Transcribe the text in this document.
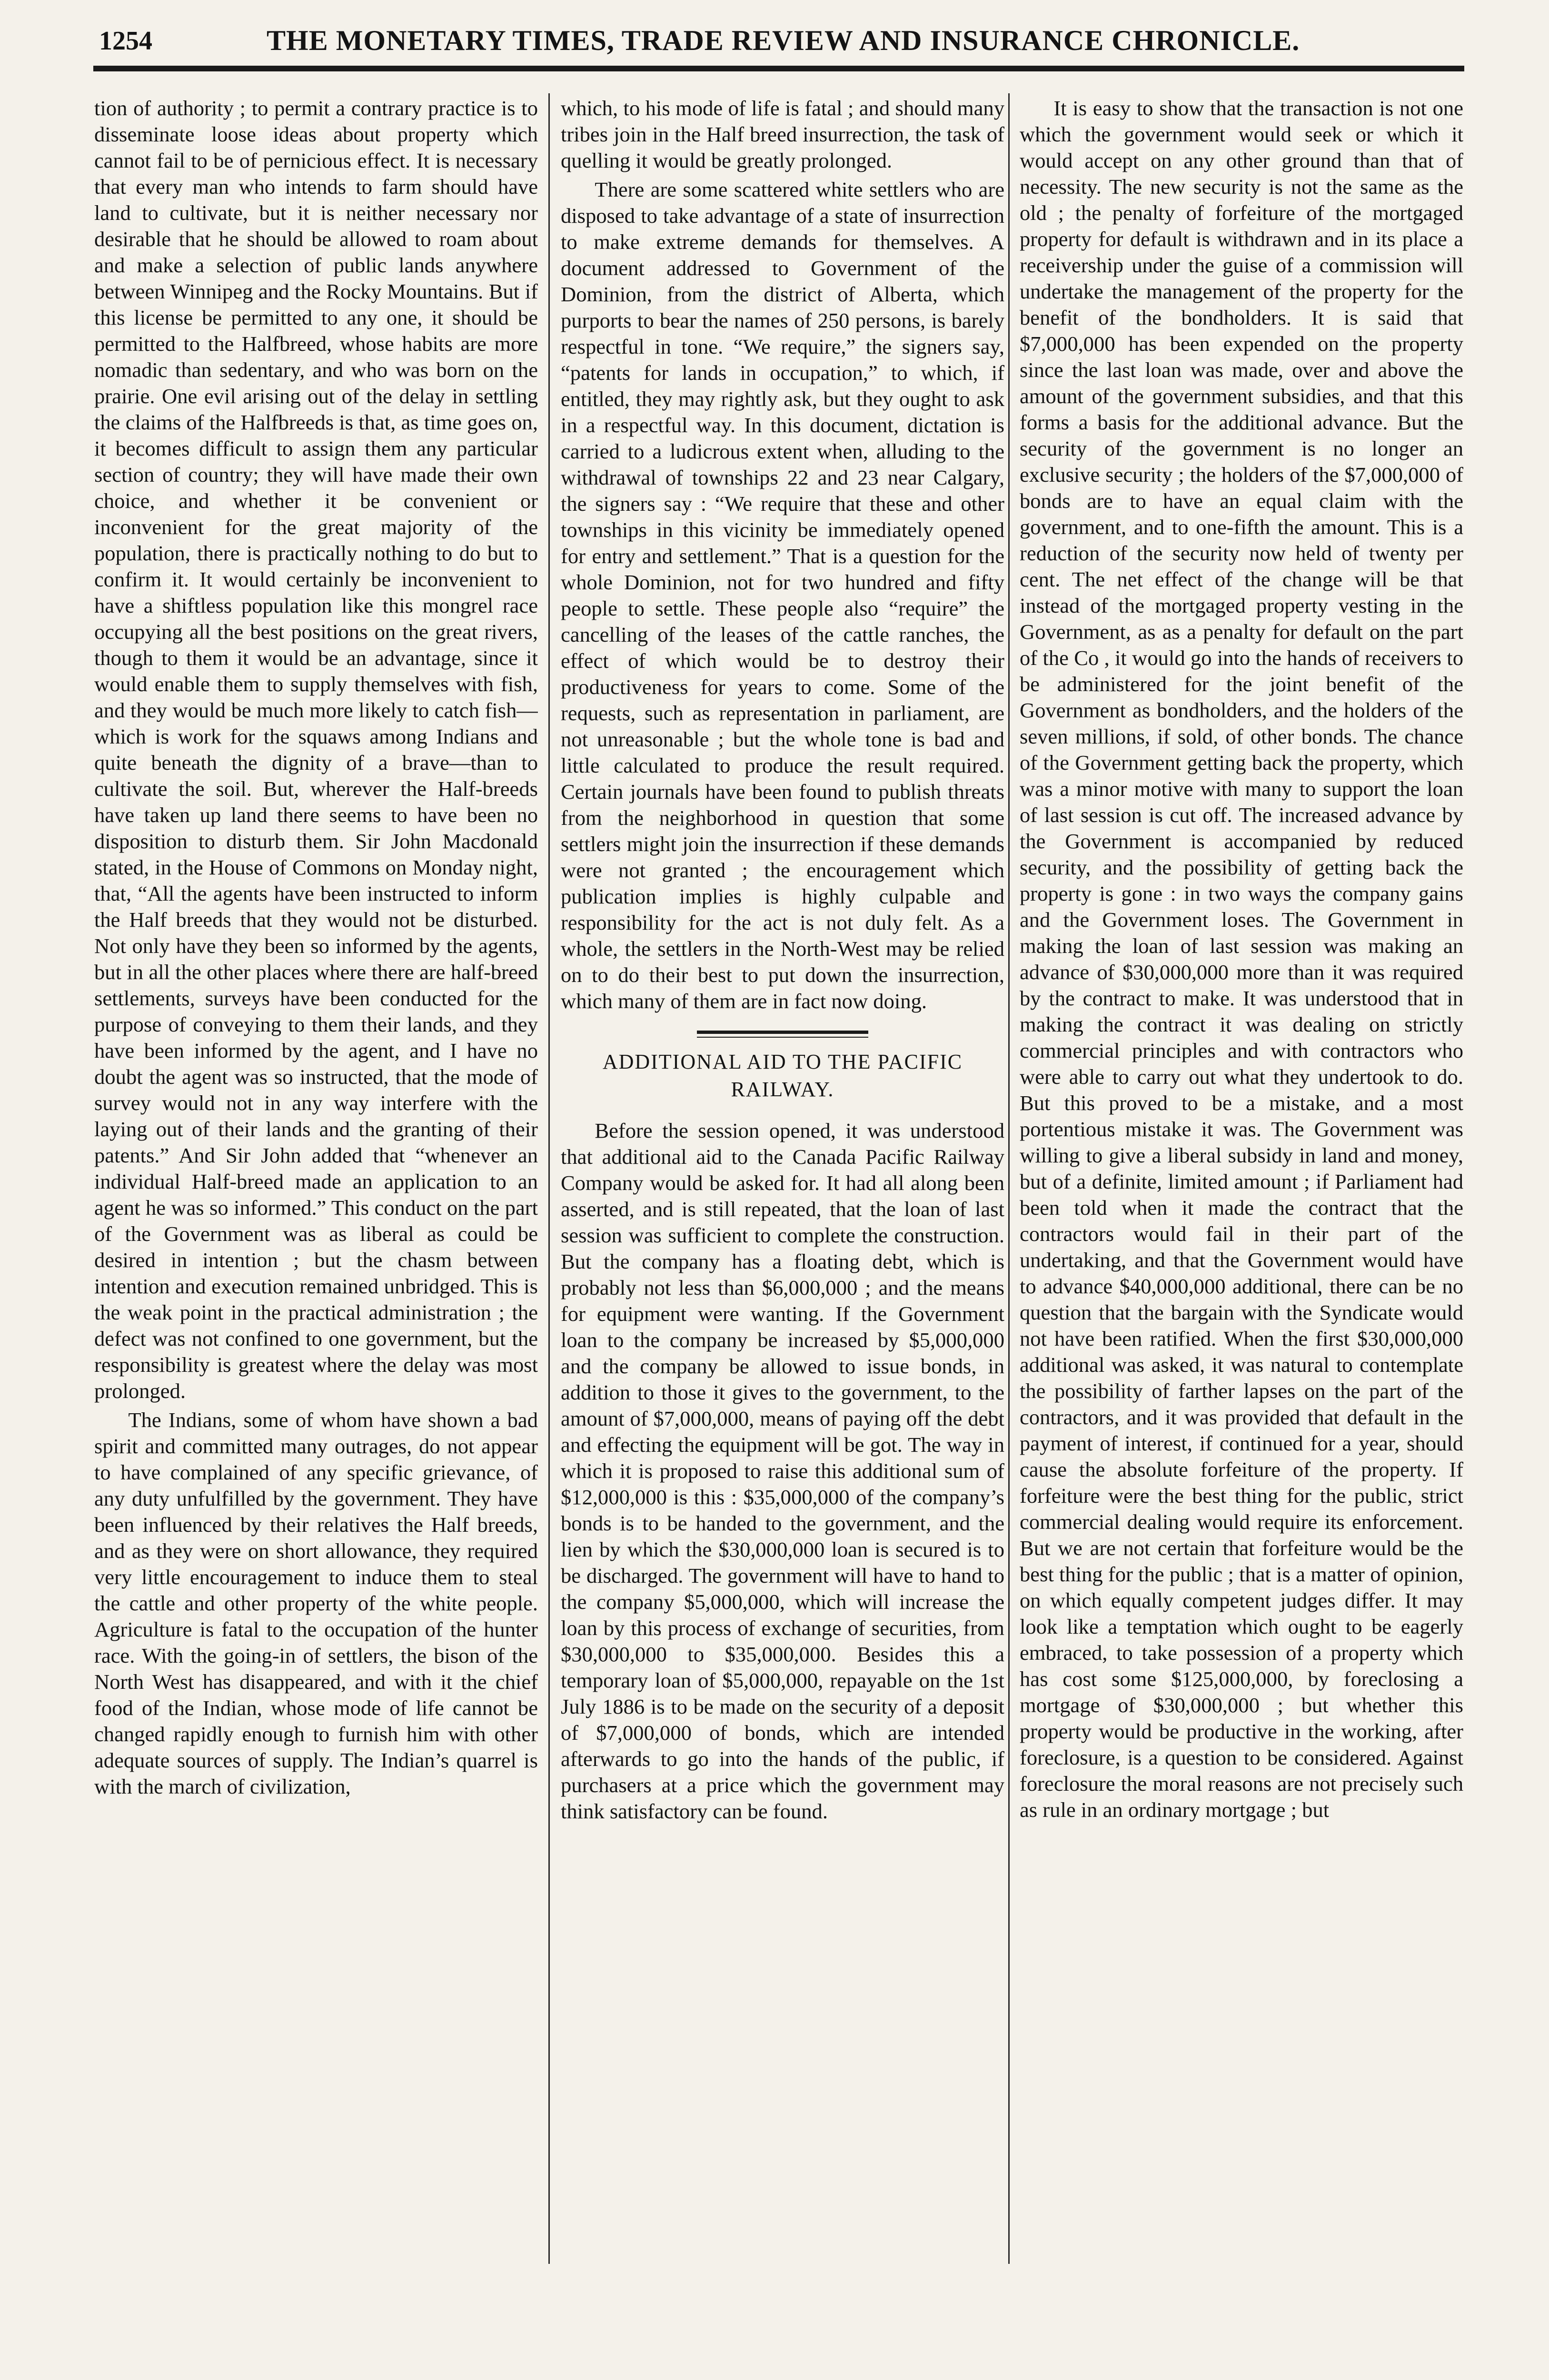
1254	THE MONETARY TIMES, TRADE REVIEW AND INSURANCE CHRONICLE.

tion of authority ; to permit a contrary practice is to disseminate loose ideas about property which cannot fail to be of pernicious effect. It is necessary that every man who intends to farm should have land to cultivate, but it is neither necessary nor desirable that he should be allowed to roam about and make a selection of public lands anywhere between Winnipeg and the Rocky Mountains. But if this license be permitted to any one, it should be permitted to the Halfbreed, whose habits are more nomadic than sedentary, and who was born on the prairie. One evil arising out of the delay in settling the claims of the Halfbreeds is that, as time goes on, it becomes difficult to assign them any particular section of country; they will have made their own choice, and whether it be convenient or inconvenient for the great majority of the population, there is practically nothing to do but to confirm it. It would certainly be inconvenient to have a shiftless population like this mongrel race occupying all the best positions on the great rivers, though to them it would be an advantage, since it would enable them to supply themselves with fish, and they would be much more likely to catch fish—which is work for the squaws among Indians and quite beneath the dignity of a brave—than to cultivate the soil. But, wherever the Half-breeds have taken up land there seems to have been no disposition to disturb them. Sir John Macdonald stated, in the House of Commons on Monday night, that, “All the agents have been instructed to inform the Half breeds that they would not be disturbed. Not only have they been so informed by the agents, but in all the other places where there are half-breed settlements, surveys have been conducted for the purpose of conveying to them their lands, and they have been informed by the agent, and I have no doubt the agent was so instructed, that the mode of survey would not in any way interfere with the laying out of their lands and the granting of their patents.” And Sir John added that “whenever an individual Half-breed made an application to an agent he was so informed.” This conduct on the part of the Government was as liberal as could be desired in intention ; but the chasm between intention and execution remained unbridged. This is the weak point in the practical administration ; the defect was not confined to one government, but the responsibility is greatest where the delay was most prolonged.

The Indians, some of whom have shown a bad spirit and committed many outrages, do not appear to have complained of any specific grievance, of any duty unfulfilled by the government. They have been influenced by their relatives the Half breeds, and as they were on short allowance, they required very little encouragement to induce them to steal the cattle and other property of the white people. Agriculture is fatal to the occupation of the hunter race. With the going-in of settlers, the bison of the North West has disappeared, and with it the chief food of the Indian, whose mode of life cannot be changed rapidly enough to furnish him with other adequate sources of supply. The Indian’s quarrel is with the march of civilization,

which, to his mode of life is fatal ; and should many tribes join in the Half breed insurrection, the task of quelling it would be greatly prolonged.

There are some scattered white settlers who are disposed to take advantage of a state of insurrection to make extreme demands for themselves. A document addressed to Government of the Dominion, from the district of Alberta, which purports to bear the names of 250 persons, is barely respectful in tone. “We require,” the signers say, “patents for lands in occupation,” to which, if entitled, they may rightly ask, but they ought to ask in a respectful way. In this document, dictation is carried to a ludicrous extent when, alluding to the withdrawal of townships 22 and 23 near Calgary, the signers say : “We require that these and other townships in this vicinity be immediately opened for entry and settlement.” That is a question for the whole Dominion, not for two hundred and fifty people to settle. These people also “require” the cancelling of the leases of the cattle ranches, the effect of which would be to destroy their productiveness for years to come. Some of the requests, such as representation in parliament, are not unreasonable ; but the whole tone is bad and little calculated to produce the result required. Certain journals have been found to publish threats from the neighborhood in question that some settlers might join the insurrection if these demands were not granted ; the encouragement which publication implies is highly culpable and responsibility for the act is not duly felt. As a whole, the settlers in the North-West may be relied on to do their best to put down the insurrection, which many of them are in fact now doing.

ADDITIONAL AID TO THE PACIFIC RAILWAY.

Before the session opened, it was understood that additional aid to the Canada Pacific Railway Company would be asked for. It had all along been asserted, and is still repeated, that the loan of last session was sufficient to complete the construction. But the company has a floating debt, which is probably not less than $6,000,000 ; and the means for equipment were wanting. If the Government loan to the company be increased by $5,000,000 and the company be allowed to issue bonds, in addition to those it gives to the government, to the amount of $7,000,000, means of paying off the debt and effecting the equipment will be got. The way in which it is proposed to raise this additional sum of $12,000,000 is this : $35,000,000 of the company’s bonds is to be handed to the government, and the lien by which the $30,000,000 loan is secured is to be discharged. The government will have to hand to the company $5,000,000, which will increase the loan by this process of exchange of securities, from $30,000,000 to $35,000,000. Besides this a temporary loan of $5,000,000, repayable on the 1st July 1886 is to be made on the security of a deposit of $7,000,000 of bonds, which are intended afterwards to go into the hands of the public, if purchasers at a price which the government may think satisfactory can be found.

It is easy to show that the transaction is not one which the government would seek or which it would accept on any other ground than that of necessity. The new security is not the same as the old ; the penalty of forfeiture of the mortgaged property for default is withdrawn and in its place a receivership under the guise of a commission will undertake the management of the property for the benefit of the bondholders. It is said that $7,000,000 has been expended on the property since the last loan was made, over and above the amount of the government subsidies, and that this forms a basis for the additional advance. But the security of the government is no longer an exclusive security ; the holders of the $7,000,000 of bonds are to have an equal claim with the government, and to one-fifth the amount. This is a reduction of the security now held of twenty per cent. The net effect of the change will be that instead of the mortgaged property vesting in the Government, as as a penalty for default on the part of the Co , it would go into the hands of receivers to be administered for the joint benefit of the Government as bondholders, and the holders of the seven millions, if sold, of other bonds. The chance of the Government getting back the property, which was a minor motive with many to support the loan of last session is cut off. The increased advance by the Government is accompanied by reduced security, and the possibility of getting back the property is gone : in two ways the company gains and the Government loses. The Government in making the loan of last session was making an advance of $30,000,000 more than it was required by the contract to make. It was understood that in making the contract it was dealing on strictly commercial principles and with contractors who were able to carry out what they undertook to do. But this proved to be a mistake, and a most portentious mistake it was. The Government was willing to give a liberal subsidy in land and money, but of a definite, limited amount ; if Parliament had been told when it made the contract that the contractors would fail in their part of the undertaking, and that the Government would have to advance $40,000,000 additional, there can be no question that the bargain with the Syndicate would not have been ratified. When the first $30,000,000 additional was asked, it was natural to contemplate the possibility of farther lapses on the part of the contractors, and it was provided that default in the payment of interest, if continued for a year, should cause the absolute forfeiture of the property. If forfeiture were the best thing for the public, strict commercial dealing would require its enforcement. But we are not certain that forfeiture would be the best thing for the public ; that is a matter of opinion, on which equally competent judges differ. It may look like a temptation which ought to be eagerly embraced, to take possession of a property which has cost some $125,000,000, by foreclosing a mortgage of $30,000,000 ; but whether this property would be productive in the working, after foreclosure, is a question to be considered. Against foreclosure the moral reasons are not precisely such as rule in an ordinary mortgage ; but
